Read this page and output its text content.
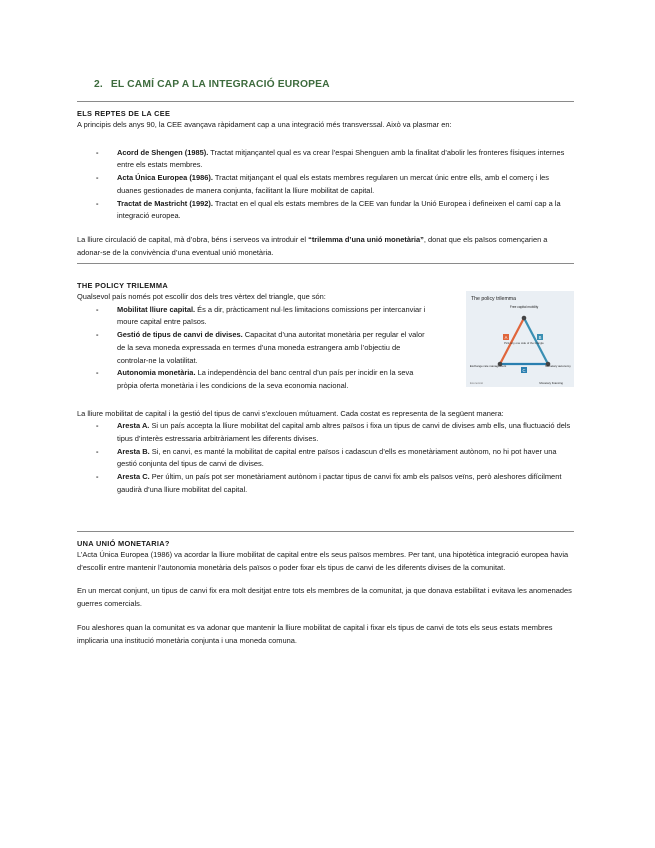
2. EL CAMÍ CAP A LA INTEGRACIÓ EUROPEA
ELS REPTES DE LA CEE

A principis dels anys 90, la CEE avançava ràpidament cap a una integració més transverssal. Això va plasmar en:

- Acord de Shengen (1985). Tractat mitjançantel qual es va crear l’espai Shenguen amb la finalitat d’abolir les fronteres físiques internes entre els estats membres.
- Acta Única Europea (1986). Tractat mitjançant el qual els estats membres regularen un mercat únic entre ells, amb el comerç i les duanes gestionades de manera conjunta, facilitant la lliure mobilitat de capital.
- Tractat de Mastricht (1992). Tractat en el qual els estats membres de la CEE van fundar la Unió Europea i defineixen el camí cap a la integració europea.

La lliure circulació de capital, mà d’obra, béns i serveos va introduir el “trilemma d’una unió monetària”, donat que els països començarien a adonar-se de la convivència d’una eventual unió monetària.

THE POLICY TRILEMMA

Qualsevol país només pot escollir dos dels tres vèrtex del triangle, que són:

- Mobilitat lliure capital. És a dir, pràcticament nul·les limitacions comissions per intercanviar i moure capital entre països.
- Gestió de tipus de canvi de divises. Capacitat d’una autoritat monetària per regular el valor de la seva moneda expressada en termes d’una moneda estrangera amb l’objectiu de controlar-ne la volatilitat.
- Autonomia monetària. La independència del banc central d’un país per incidir en la seva pròpia oferta monetària i les condicions de la seva economia nacional.

La lliure mobilitat de capital i la gestió del tipus de canvi s’exclouen mútuament. Cada costat es representa de la següent manera:

- Aresta A. Si un país accepta la lliure mobilitat del capital amb altres països i fixa un tipus de canvi de divises amb ells, una fluctuació dels tipus d’interès estressaria arbitràriament les diferents divises.
- Aresta B. Si, en canvi, es manté la mobilitat de capital entre països i cadascun d’ells es monetàriament autònom, no hi pot haver una gestió conjunta del tipus de canvi de divises.
- Aresta C. Per últim, un país pot ser monetàriament autònom i pactar tipus de canvi fix amb els països veïns, però aleshores difícilment gaudirà d’una lliure mobilitat del capital.
UNA UNIÓ MONETARIA?

L’Acta Única Europea (1986) va acordar la lliure mobilitat de capital entre els seus països membres. Per tant, una hipotètica integració europea havia d’escollir entre mantenir l’autonomia monetària dels països o poder fixar els tipus de canvi de les diferents divises de la comunitat.

En un mercat conjunt, un tipus de canvi fix era molt desitjat entre tots els membres de la comunitat, ja que donava estabilitat i evitava les anomenades guerres comercials.

Fou aleshores quan la comunitat es va adonar que mantenir la lliure mobilitat de capital i fixar els tipus de canvi de tots els seus estats membres implicaria una institució monetària conjunta i una moneda comuna.

The policy trilemma
Free capital mobility
A	B
C
Pick any one side of the triangle
Exchange rate management	Monetary autonomy
Economist	Monetary financing
